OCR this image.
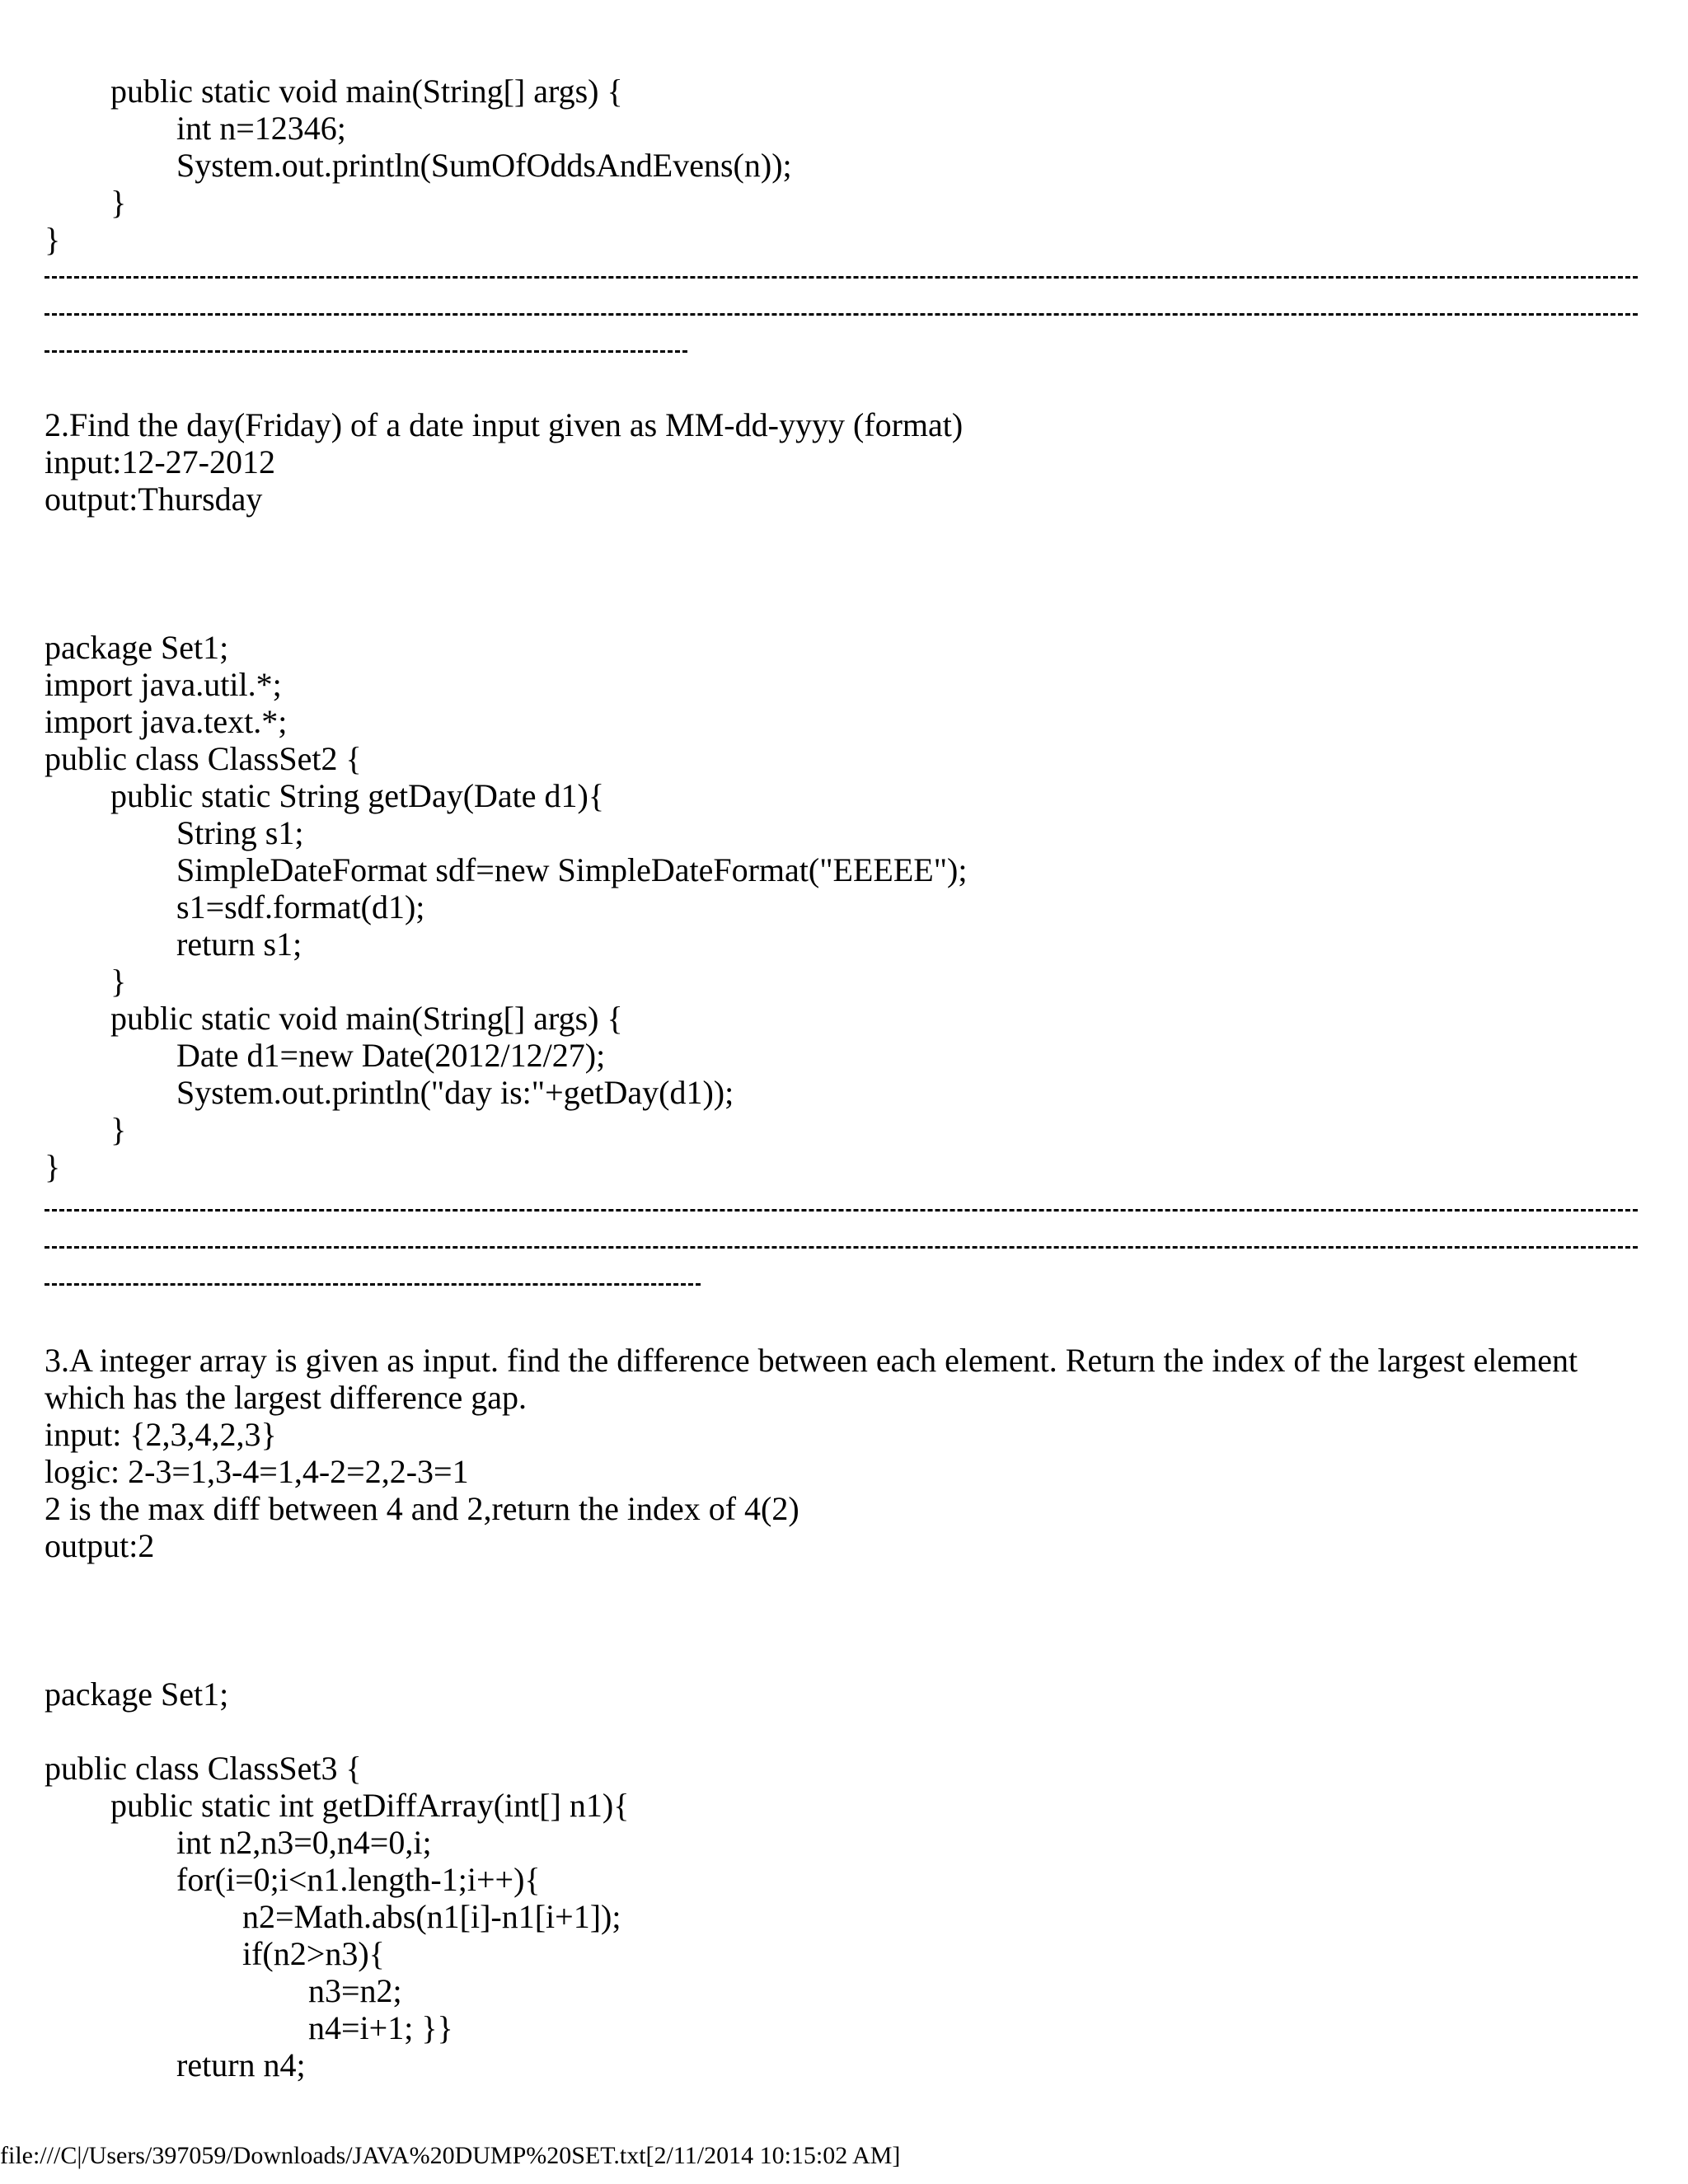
public static void main(String[] args) {
int n=12346;
System.out.println(SumOfOddsAndEvens(n));
}
}
2.Find the day(Friday) of a date input given as MM-dd-yyyy (format)
input:12-27-2012
output:Thursday
package Set1;
import java.util.*;
import java.text.*;
public class ClassSet2 {
public static String getDay(Date d1){
String s1;
SimpleDateFormat sdf=new SimpleDateFormat("EEEEE");
s1=sdf.format(d1);
return s1;
}
public static void main(String[] args) {
Date d1=new Date(2012/12/27);
System.out.println("day is:"+getDay(d1));
}
}
3.A integer array is given as input. find the difference between each element. Return the index of the largest element
which has the largest difference gap.
input: {2,3,4,2,3}
logic: 2-3=1,3-4=1,4-2=2,2-3=1
2 is the max diff between 4 and 2,return the index of 4(2)
output:2
package Set1;
public class ClassSet3 {
public static int getDiffArray(int[] n1){
int n2,n3=0,n4=0,i;
for(i=0;i<n1.length-1;i++){
n2=Math.abs(n1[i]-n1[i+1]);
if(n2>n3){
n3=n2;
n4=i+1; }}
return n4;
file:///C|/Users/397059/Downloads/JAVA%20DUMP%20SET.txt[2/11/2014 10:15:02 AM]
